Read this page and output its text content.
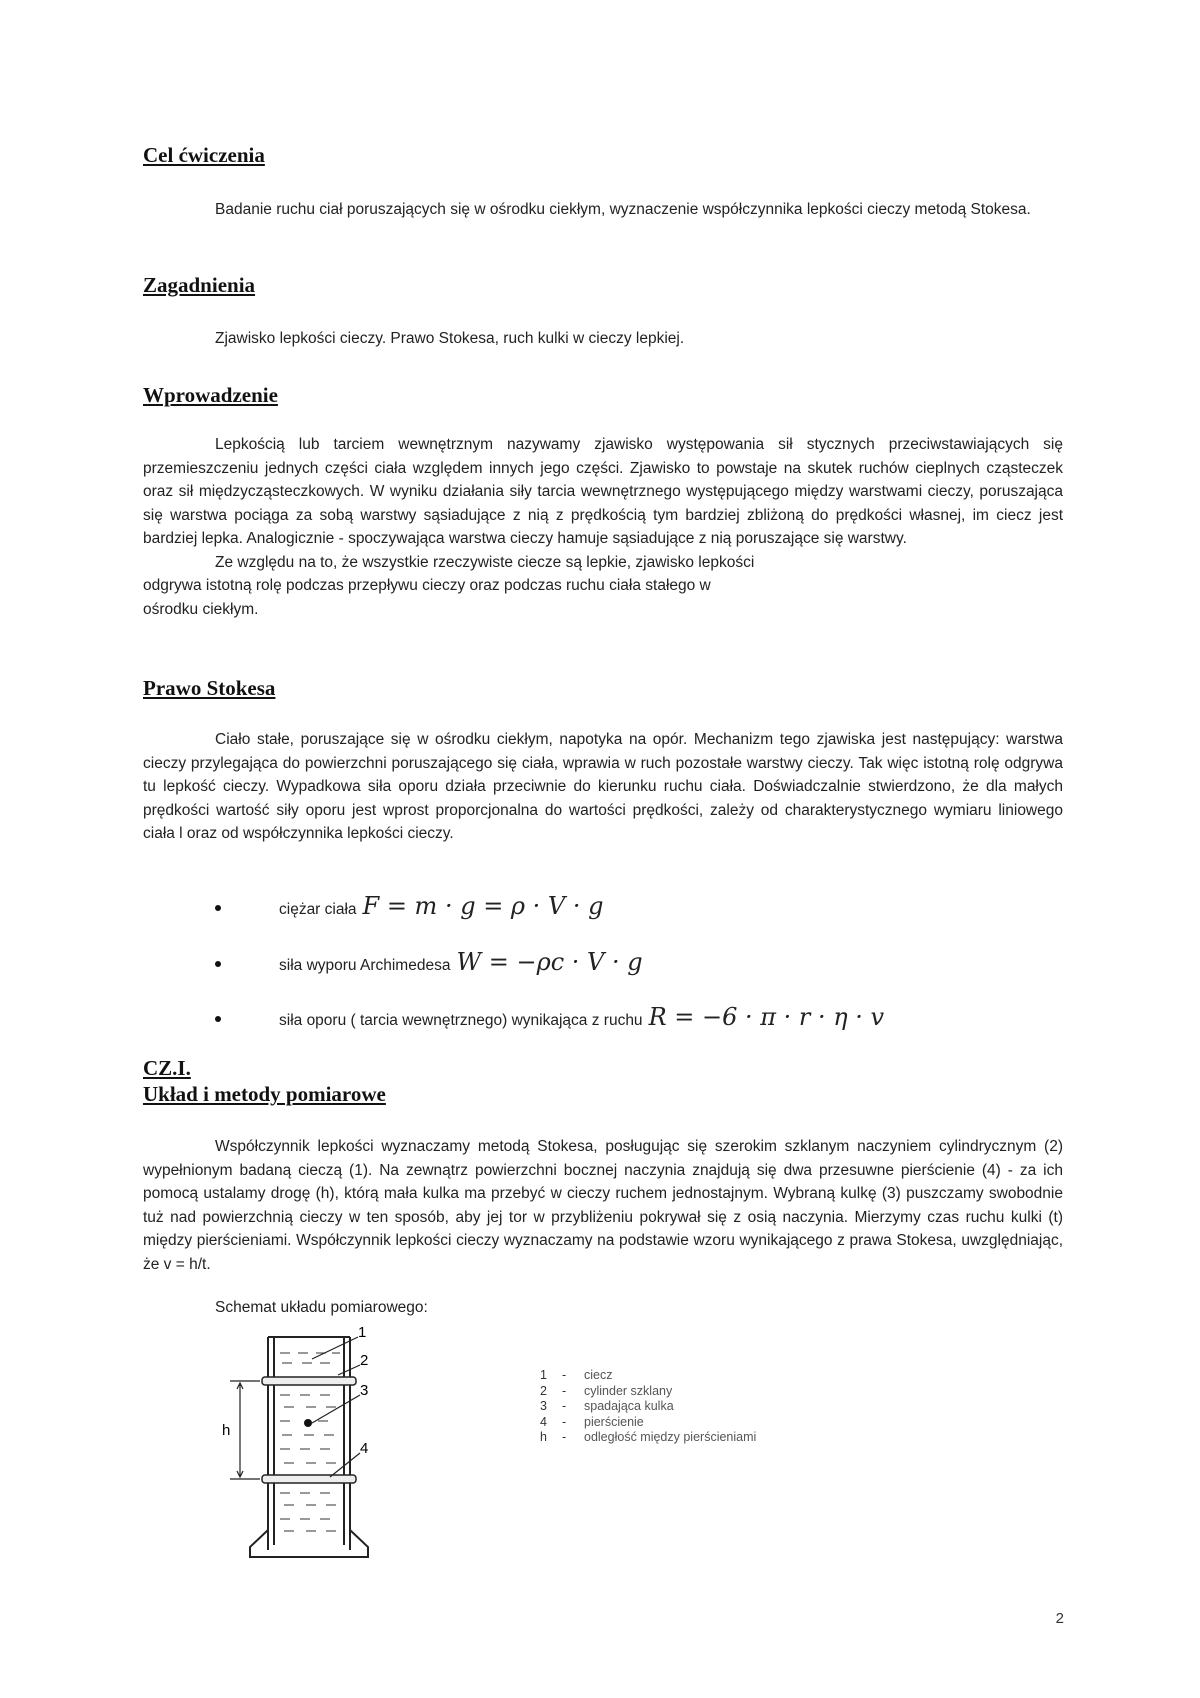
Cel ćwiczenia

Badanie ruchu ciał poruszających się w ośrodku ciekłym, wyznaczenie współczynnika lepkości cieczy metodą Stokesa.

Zagadnienia

Zjawisko lepkości cieczy. Prawo Stokesa, ruch kulki w cieczy lepkiej.

Wprowadzenie

Lepkością lub tarciem wewnętrznym nazywamy zjawisko występowania sił stycznych przeciwstawiających się przemieszczeniu jednych części ciała względem innych jego części. Zjawisko to powstaje na skutek ruchów cieplnych cząsteczek oraz sił międzycząsteczkowych. W wyniku działania siły tarcia wewnętrznego występującego między warstwami cieczy, poruszająca się warstwa pociąga za sobą warstwy sąsiadujące z nią z prędkością tym bardziej zbliżoną do prędkości własnej, im ciecz jest bardziej lepka. Analogicznie - spoczywająca warstwa cieczy hamuje sąsiadujące z nią poruszające się warstwy.

Ze względu na to, że wszystkie rzeczywiste ciecze są lepkie, zjawisko lepkości

odgrywa istotną rolę podczas przepływu cieczy oraz podczas ruchu ciała stałego w

ośrodku ciekłym.

Prawo Stokesa

Ciało stałe, poruszające się w ośrodku ciekłym, napotyka na opór. Mechanizm tego zjawiska jest następujący: warstwa cieczy przylegająca do powierzchni poruszającego się ciała, wprawia w ruch pozostałe warstwy cieczy. Tak więc istotną rolę odgrywa tu lepkość cieczy. Wypadkowa siła oporu działa przeciwnie do kierunku ruchu ciała. Doświadczalnie stwierdzono, że dla małych prędkości wartość siły oporu jest wprost proporcjonalna do wartości prędkości, zależy od charakterystycznego wymiaru liniowego ciała l oraz od współczynnika lepkości cieczy.

ciężar ciała F = m · g = ρ · V · g
siła wyporu Archimedesa W = −ρc · V · g
siła oporu ( tarcia wewnętrznego) wynikająca z ruchu R = −6 · π · r · η · v
CZ.I.
Układ i metody pomiarowe

Współczynnik lepkości wyznaczamy metodą Stokesa, posługując się szerokim szklanym naczyniem cylindrycznym (2) wypełnionym badaną cieczą (1). Na zewnątrz powierzchni bocznej naczynia znajdują się dwa przesuwne pierścienie (4) - za ich pomocą ustalamy drogę (h), którą mała kulka ma przebyć w cieczy ruchem jednostajnym. Wybraną kulkę (3) puszczamy swobodnie tuż nad powierzchnią cieczy w ten sposób, aby jej tor w przybliżeniu pokrywał się z osią naczynia. Mierzymy czas ruchu kulki (t) między pierścieniami. Współczynnik lepkości cieczy wyznaczamy na podstawie wzoru wynikającego z prawa Stokesa, uwzględniając, że v = h/t.

Schemat układu pomiarowego:

h
1
2
3
4
1	-	ciecz
2	-	cylinder szklany
3	-	spadająca kulka
4	-	pierścienie
h	-	odległość między pierścieniami
2
